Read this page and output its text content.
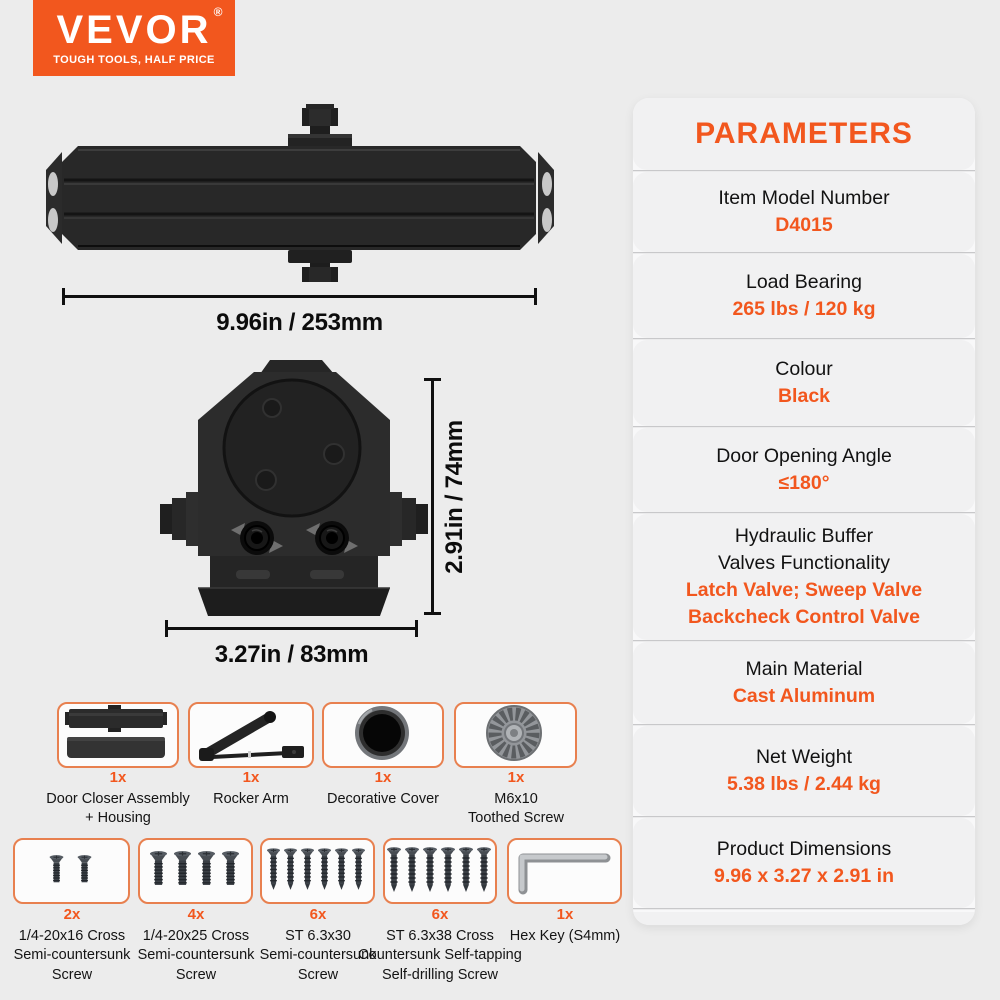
VEVOR ®
TOUGH TOOLS, HALF PRICE
9.96in / 253mm
2.91in / 74mm
3.27in / 83mm
PARAMETERS
Item Model Number
D4015
Load Bearing
265 lbs / 120 kg
Colour
Black
Door Opening Angle
≤180°
Hydraulic Buffer
Valves Functionality
Latch Valve; Sweep Valve
Backcheck Control Valve
Main Material
Cast Aluminum
Net Weight
5.38 lbs / 2.44 kg
Product Dimensions
9.96 x 3.27 x 2.91 in
1x
Door Closer Assembly
+ Housing
1x
Rocker Arm
1x
Decorative Cover
1x
M6x10
Toothed Screw
2x
1/4-20x16 Cross
Semi-countersunk
Screw
4x
1/4-20x25 Cross
Semi-countersunk
Screw
6x
ST 6.3x30
Semi-countersunk
Screw
6x
ST 6.3x38 Cross
Countersunk Self-tapping
Self-drilling Screw
1x
Hex Key (S4mm)
